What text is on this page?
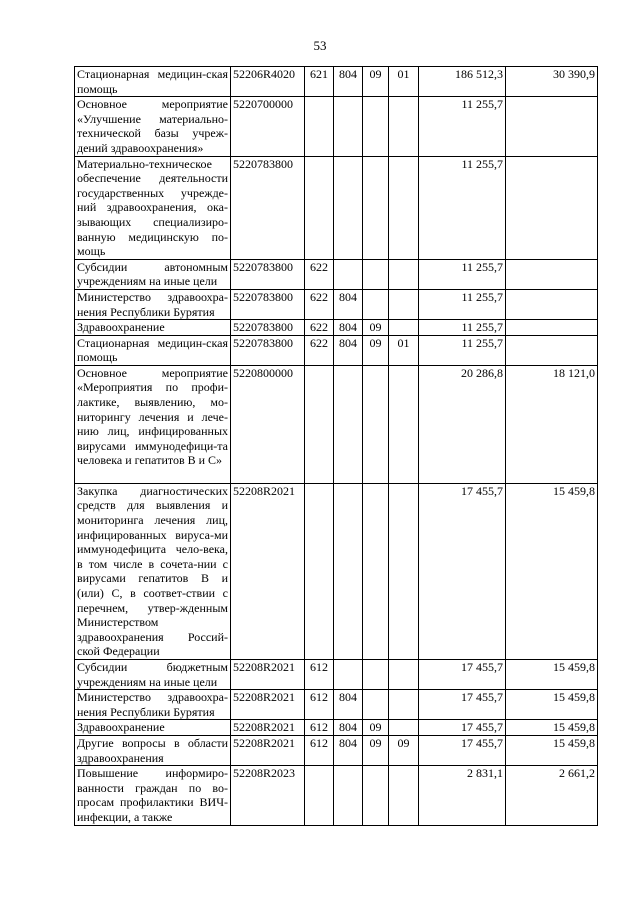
53
Стационарная медицин-ская помощь	52206R4020	621	804	09	01	186 512,3	30 390,9
Основное мероприятие «Улучшение материально-технической базы учреж-дений здравоохранения»	5220700000					11 255,7	
Материально-техническое обеспечение деятельности государственных учрежде-ний здравоохранения, ока-зывающих специализиро-ванную медицинскую по-мощь	5220783800					11 255,7	
Субсидии автономным учреждениям на иные цели	5220783800	622				11 255,7	
Министерство здравоохра-нения Республики Бурятия	5220783800	622	804			11 255,7	
Здравоохранение	5220783800	622	804	09		11 255,7	
Стационарная медицин-ская помощь	5220783800	622	804	09	01	11 255,7	
Основное мероприятие «Мероприятия по профи-лактике, выявлению, мо-ниторингу лечения и лече-нию лиц, инфицированных вирусами иммунодефици-та человека и гепатитов В и С»	5220800000					20 286,8	18 121,0
Закупка диагностических средств для выявления и мониторинга лечения лиц, инфицированных вируса-ми иммунодефицита чело-века, в том числе в сочета-нии с вирусами гепатитов В и (или) С, в соответ-ствии с перечнем, утвер-жденным Министерством здравоохранения Россий-ской Федерации	52208R2021					17 455,7	15 459,8
Субсидии бюджетным учреждениям на иные цели	52208R2021	612				17 455,7	15 459,8
Министерство здравоохра-нения Республики Бурятия	52208R2021	612	804			17 455,7	15 459,8
Здравоохранение	52208R2021	612	804	09		17 455,7	15 459,8
Другие вопросы в области здравоохранения	52208R2021	612	804	09	09	17 455,7	15 459,8
Повышение информиро-ванности граждан по во-просам профилактики ВИЧ-инфекции, а также	52208R2023					2 831,1	2 661,2
